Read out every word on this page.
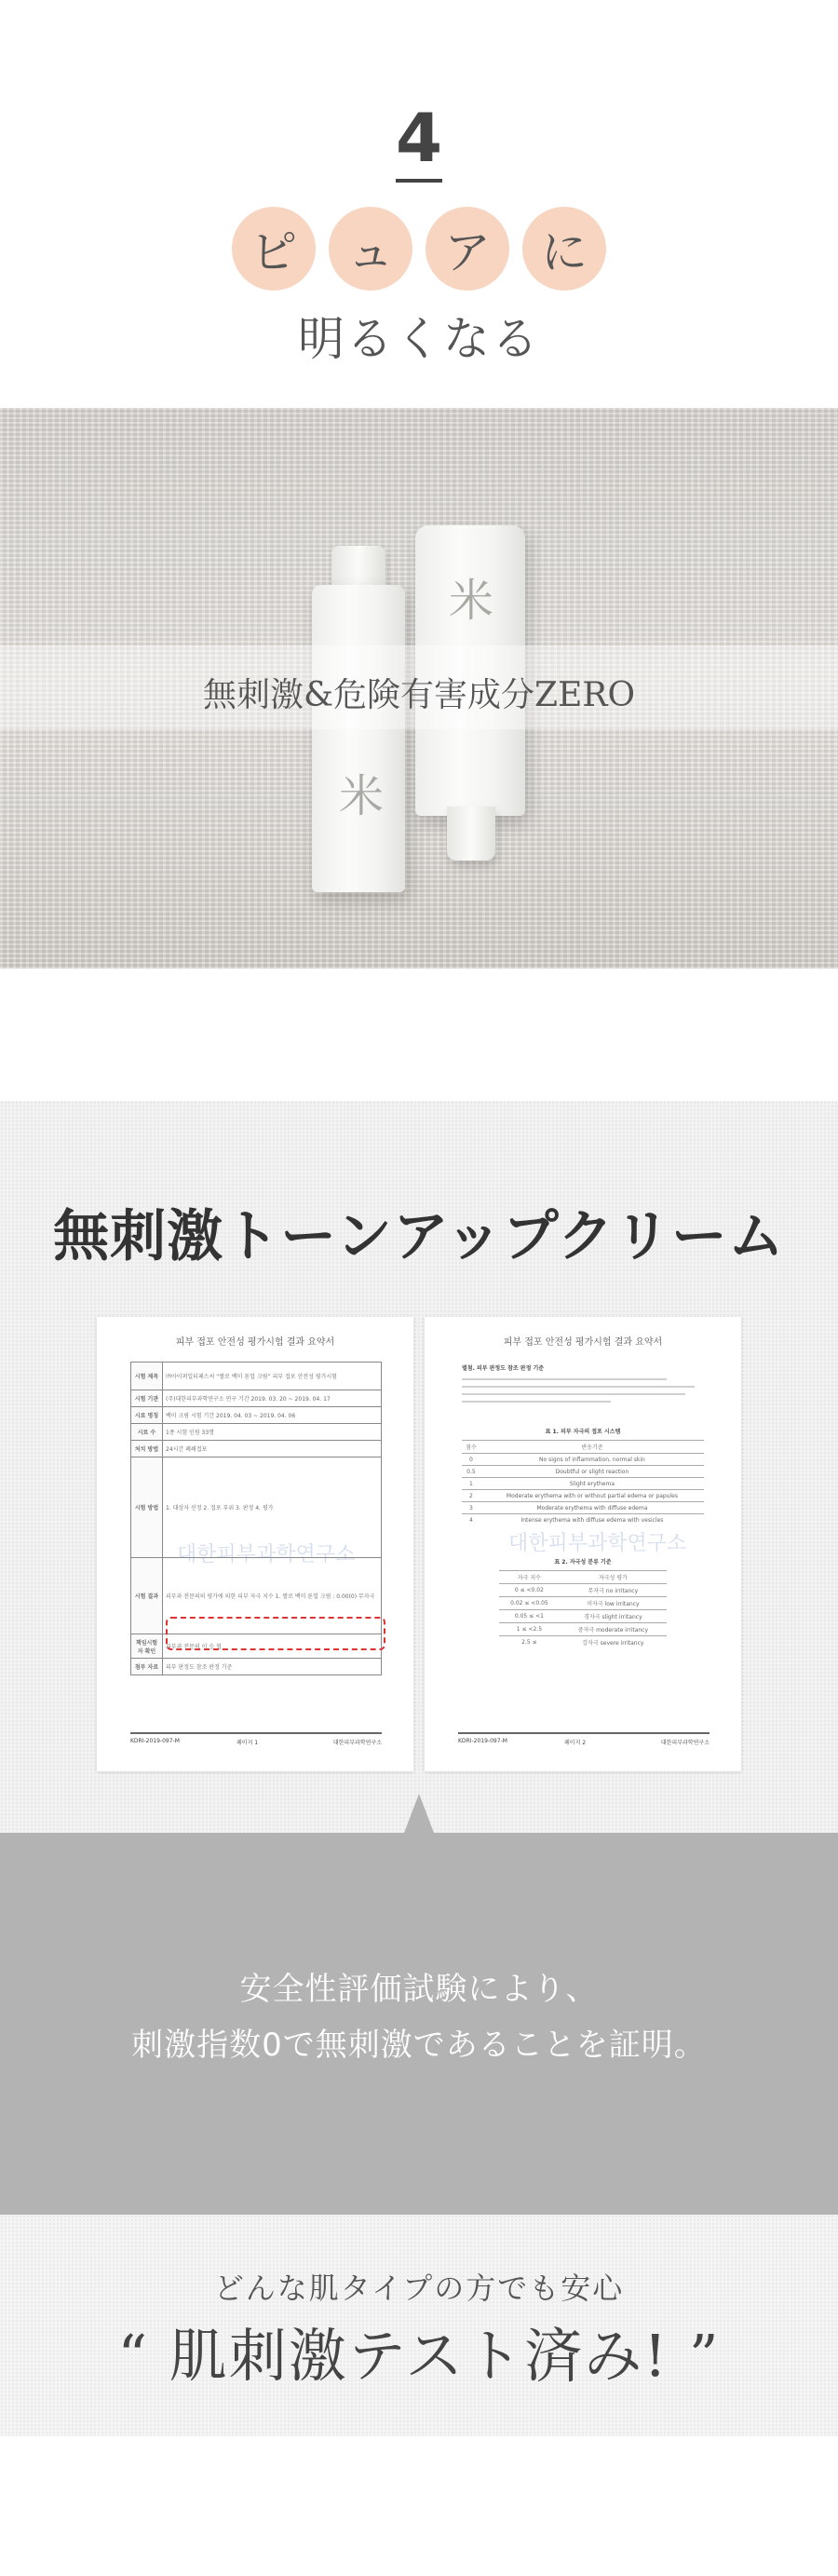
4
ピ	ュ	ア	に
明るくなる
米
米
無刺激&危険有害成分ZERO
無刺激トーンアップクリーム
피부 접포 안전성 평가시험 결과 요약서
시험 제목	㈜아이퍼일티페스씨 “쌀로 백미 톤업 크림” 피부 접포 안전성 평가시험
시험 기관	(주)대한피부과학연구소 연구 기간 2019. 03. 20 ~ 2019. 04. 17
시료 명칭	백미 크림 시험 기간 2019. 04. 03 ~ 2019. 04. 06
시료 수	1종 시험 인원 33명
처치 방법	24시간 폐쇄접포
시험 방법	1. 대상자 선정 2. 접포 부위 3. 판정 4. 평가
시험 결과	피부과 전문의의 평가에 의한 피부 자극 지수 1. 쌀로 백미 톤업 크림 : 0.00(0) 무자극
책임시험자 확인	피부과 전문의 이 승 협
첨부 자료	피부 판정도 참조 판정 기준
대한피부과학연구소
KDRI-2019-097-M	페이지 1	대한피부과학연구소
피부 접포 안전성 평가시험 결과 요약서
별첨. 피부 판정도 참조 판정 기준
표 1. 피부 자극의 접포 시스템
점수	반응기준
0	No signs of inflammation, normal skin
0.5	Doubtful or slight reaction
1	Slight erythema
2	Moderate erythema with or without partial edema or papules
3	Moderate erythema with diffuse edema
4	Intense erythema with diffuse edema with vesicles
대한피부과학연구소
표 2. 자극성 분류 기준
자극 지수	자극성 평가
0 ≤ <0.02	무자극 no irritancy
0.02 ≤ <0.05	미자극 low irritancy
0.05 ≤ <1	경자극 slight irritancy
1 ≤ <2.5	중자극 moderate irritancy
2.5 ≤	강자극 severe irritancy
KDRI-2019-097-M	페이지 2	대한피부과학연구소
安全性評価試験により、
刺激指数0で無刺激であることを証明。
どんな肌タイプの方でも安心
“ 肌刺激テスト済み! ”
